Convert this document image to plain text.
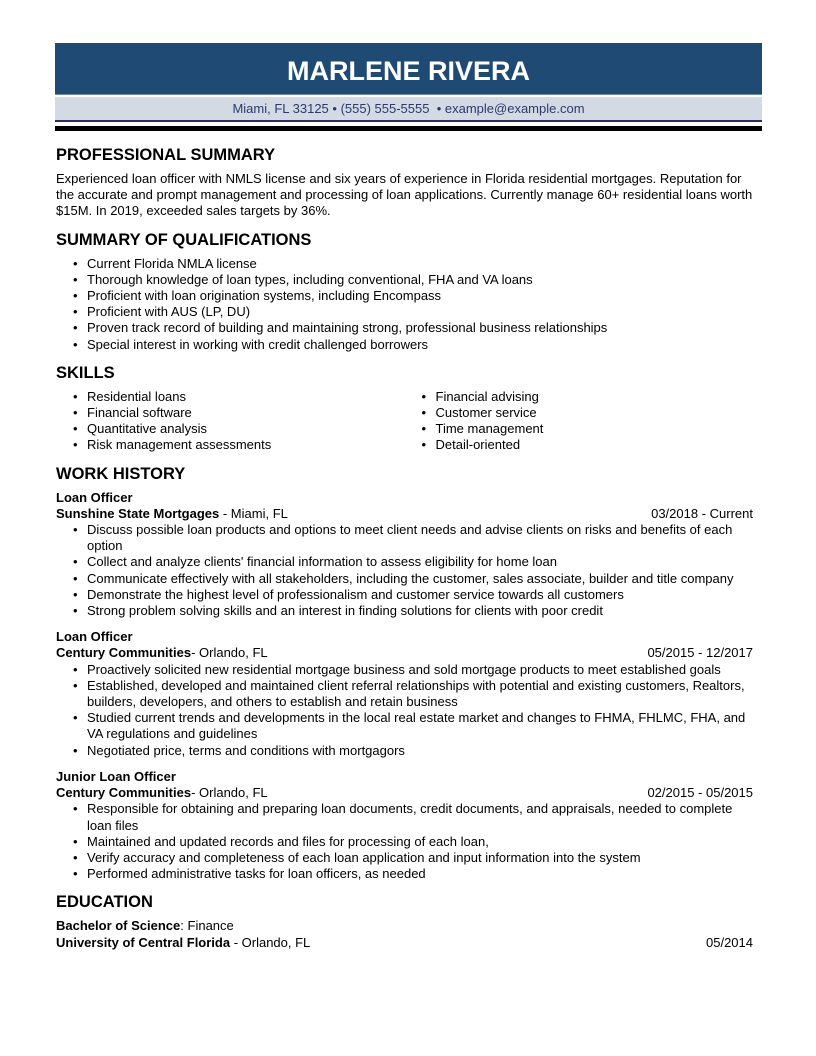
MARLENE RIVERA
Miami, FL 33125 • (555) 555-5555  • example@example.com
PROFESSIONAL SUMMARY

Experienced loan officer with NMLS license and six years of experience in Florida residential mortgages. Reputation for the accurate and prompt management and processing of loan applications. Currently manage 60+ residential loans worth $15M. In 2019, exceeded sales targets by 36%.

SUMMARY OF QUALIFICATIONS
• Current Florida NMLA license
• Thorough knowledge of loan types, including conventional, FHA and VA loans
• Proficient with loan origination systems, including Encompass
• Proficient with AUS (LP, DU)
• Proven track record of building and maintaining strong, professional business relationships
• Special interest in working with credit challenged borrowers
SKILLS
• Residential loans
• Financial software
• Quantitative analysis
• Risk management assessments
• Financial advising
• Customer service
• Time management
• Detail-oriented
WORK HISTORY
Loan Officer
Sunshine State Mortgages - Miami, FL	03/2018 - Current
• Discuss possible loan products and options to meet client needs and advise clients on risks and benefits of each option
• Collect and analyze clients' financial information to assess eligibility for home loan
• Communicate effectively with all stakeholders, including the customer, sales associate, builder and title company
• Demonstrate the highest level of professionalism and customer service towards all customers
• Strong problem solving skills and an interest in finding solutions for clients with poor credit
Loan Officer
Century Communities- Orlando, FL	05/2015 - 12/2017
• Proactively solicited new residential mortgage business and sold mortgage products to meet established goals
• Established, developed and maintained client referral relationships with potential and existing customers, Realtors, builders, developers, and others to establish and retain business
• Studied current trends and developments in the local real estate market and changes to FHMA, FHLMC, FHA, and VA regulations and guidelines
• Negotiated price, terms and conditions with mortgagors
Junior Loan Officer
Century Communities- Orlando, FL	02/2015 - 05/2015
• Responsible for obtaining and preparing loan documents, credit documents, and appraisals, needed to complete loan files
• Maintained and updated records and files for processing of each loan,
• Verify accuracy and completeness of each loan application and input information into the system
• Performed administrative tasks for loan officers, as needed
EDUCATION
Bachelor of Science: Finance
University of Central Florida - Orlando, FL	05/2014
